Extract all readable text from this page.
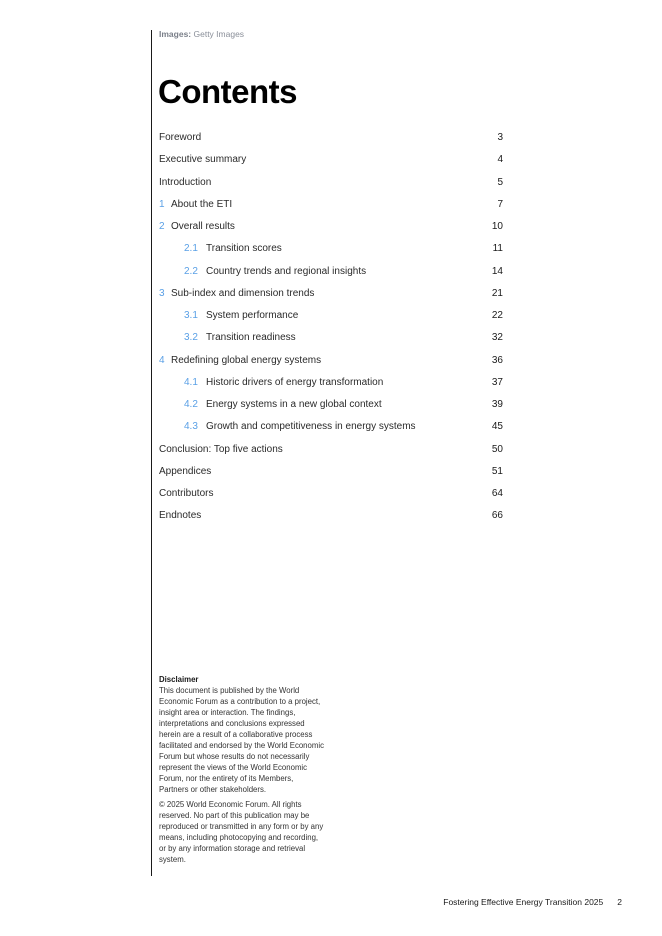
Images: Getty Images
Contents
Foreword	3
Executive summary	4
Introduction	5
1 About the ETI	7
2 Overall results	10
2.1 Transition scores	11
2.2 Country trends and regional insights	14
3 Sub-index and dimension trends	21
3.1 System performance	22
3.2 Transition readiness	32
4 Redefining global energy systems	36
4.1 Historic drivers of energy transformation	37
4.2 Energy systems in a new global context	39
4.3 Growth and competitiveness in energy systems	45
Conclusion: Top five actions	50
Appendices	51
Contributors	64
Endnotes	66
Disclaimer

This document is published by the World Economic Forum as a contribution to a project, insight area or interaction. The findings, interpretations and conclusions expressed herein are a result of a collaborative process facilitated and endorsed by the World Economic Forum but whose results do not necessarily represent the views of the World Economic Forum, nor the entirety of its Members, Partners or other stakeholders.

© 2025 World Economic Forum. All rights reserved. No part of this publication may be reproduced or transmitted in any form or by any means, including photocopying and recording, or by any information storage and retrieval system.

Fostering Effective Energy Transition 2025 2
